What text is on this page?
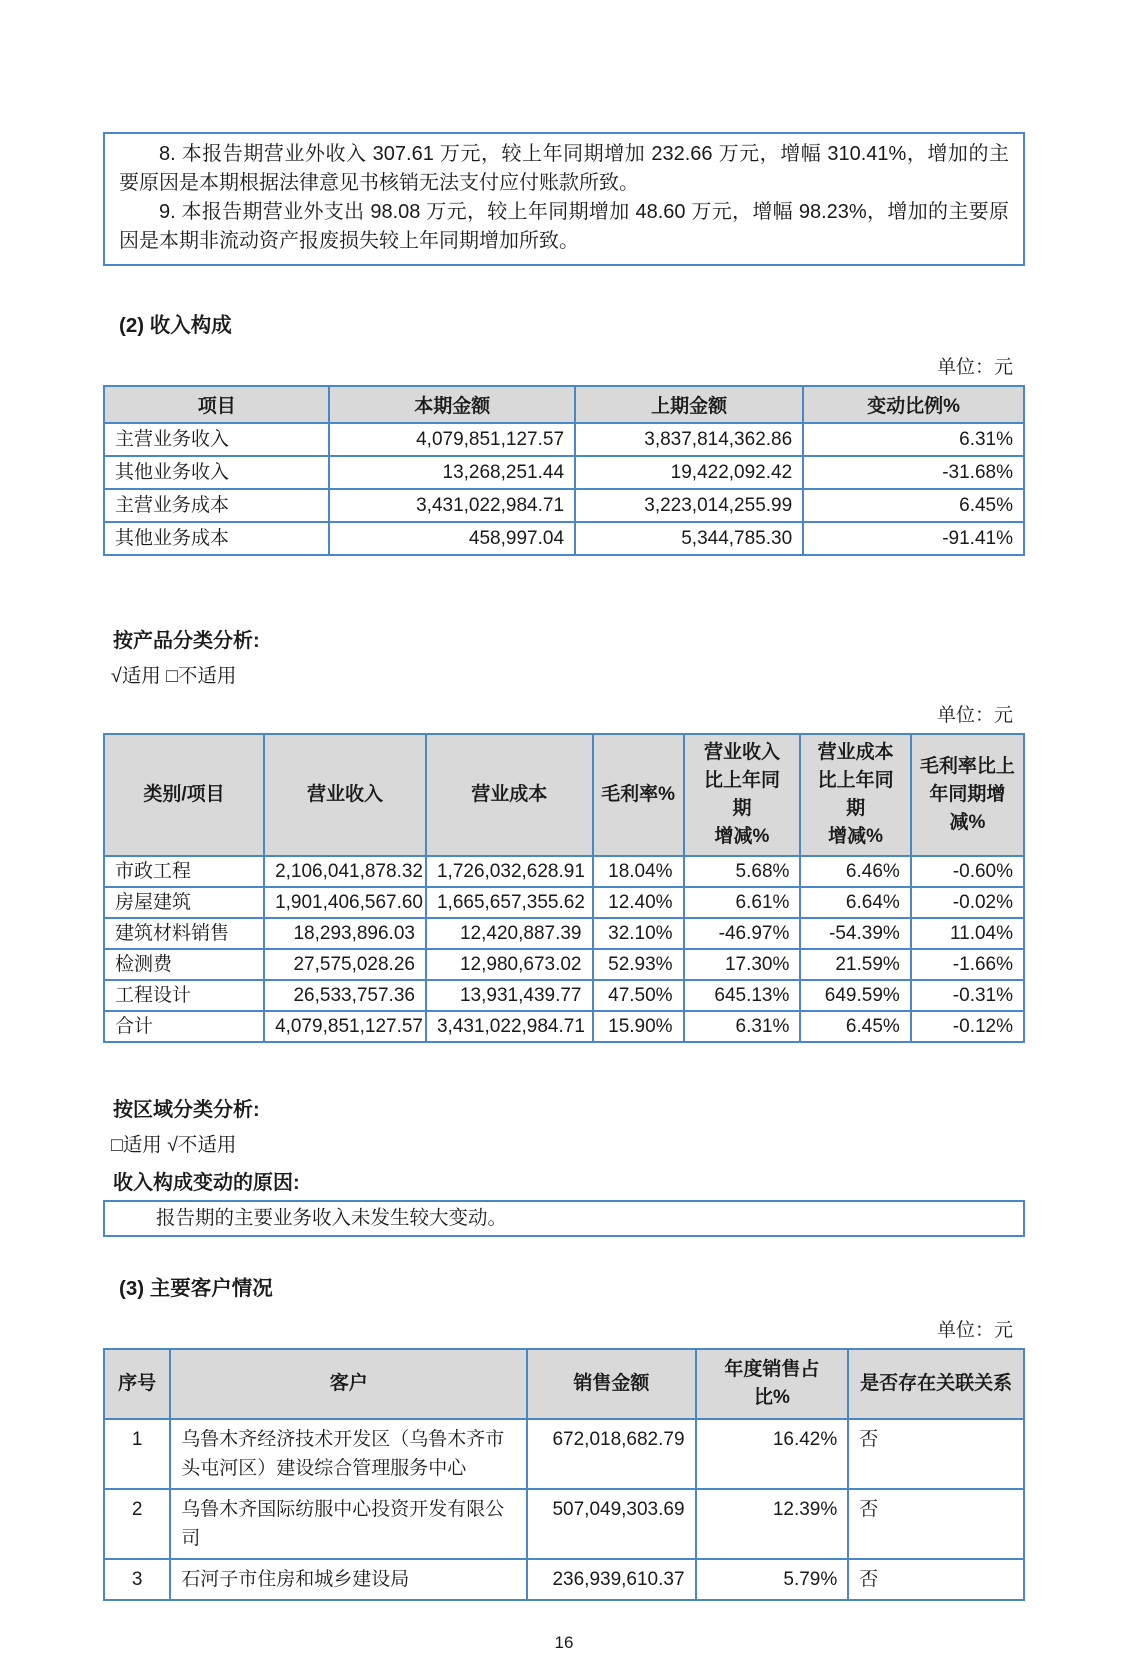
8. 本报告期营业外收入 307.61 万元，较上年同期增加 232.66 万元，增幅 310.41%，增加的主要原因是本期根据法律意见书核销无法支付应付账款所致。

9. 本报告期营业外支出 98.08 万元，较上年同期增加 48.60 万元，增幅 98.23%，增加的主要原因是本期非流动资产报废损失较上年同期增加所致。

(2) 收入构成
单位：元
项目	本期金额	上期金额	变动比例%
主营业务收入	4,079,851,127.57	3,837,814,362.86	6.31%
其他业务收入	13,268,251.44	19,422,092.42	-31.68%
主营业务成本	3,431,022,984.71	3,223,014,255.99	6.45%
其他业务成本	458,997.04	5,344,785.30	-91.41%
按产品分类分析:
√适用 □不适用
单位：元
类别/项目	营业收入	营业成本	毛利率%	营业收入
比上年同
期
增减%	营业成本
比上年同
期
增减%	毛利率比上
年同期增
减%

市政工程	2,106,041,878.32	1,726,032,628.91	18.04%	5.68%	6.46%	-0.60%
房屋建筑	1,901,406,567.60	1,665,657,355.62	12.40%	6.61%	6.64%	-0.02%
建筑材料销售	18,293,896.03	12,420,887.39	32.10%	-46.97%	-54.39%	11.04%
检测费	27,575,028.26	12,980,673.02	52.93%	17.30%	21.59%	-1.66%
工程设计	26,533,757.36	13,931,439.77	47.50%	645.13%	649.59%	-0.31%
合计	4,079,851,127.57	3,431,022,984.71	15.90%	6.31%	6.45%	-0.12%
按区域分类分析:
□适用 √不适用
收入构成变动的原因:

报告期的主要业务收入未发生较大变动。

(3) 主要客户情况
单位：元
序号	客户	销售金额	年度销售占
比%	是否存在关联关系
1	乌鲁木齐经济技术开发区（乌鲁木齐市头屯河区）建设综合管理服务中心	672,018,682.79	16.42%	否
2	乌鲁木齐国际纺服中心投资开发有限公司	507,049,303.69	12.39%	否
3	石河子市住房和城乡建设局	236,939,610.37	5.79%	否
16
